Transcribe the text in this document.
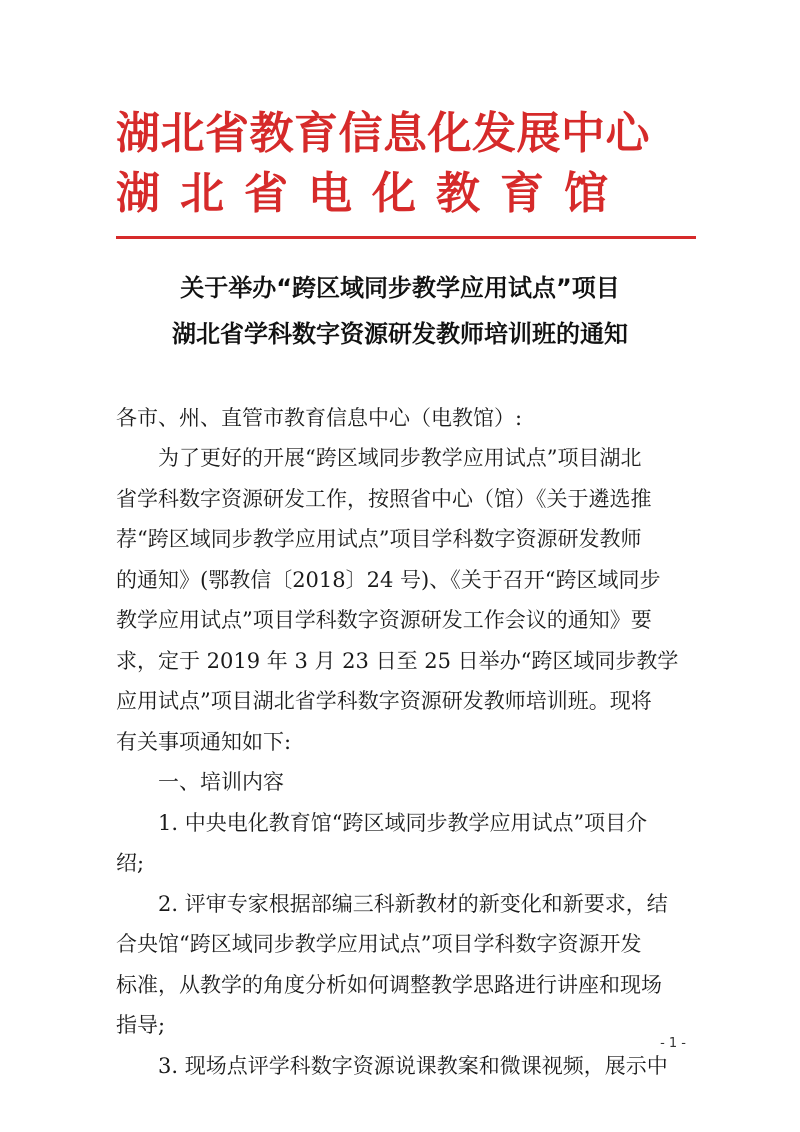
湖北省教育信息化发展中心
湖北省电化教育馆
关于举办“跨区域同步教学应用试点”项目
湖北省学科数字资源研发教师培训班的通知
各市、州、直管市教育信息中心（电教馆）:
为了更好的开展“跨区域同步教学应用试点”项目湖北
省学科数字资源研发工作，按照省中心（馆）《关于遴选推
荐“跨区域同步教学应用试点”项目学科数字资源研发教师
的通知》(鄂教信〔2018〕24 号)、《关于召开“跨区域同步
教学应用试点”项目学科数字资源研发工作会议的通知》要
求，定于 2019 年 3 月 23 日至 25 日举办“跨区域同步教学
应用试点”项目湖北省学科数字资源研发教师培训班。现将
有关事项通知如下:
一、培训内容
1. 中央电化教育馆“跨区域同步教学应用试点”项目介
绍;
2. 评审专家根据部编三科新教材的新变化和新要求，结
合央馆“跨区域同步教学应用试点”项目学科数字资源开发
标准，从教学的角度分析如何调整教学思路进行讲座和现场
指导;
3. 现场点评学科数字资源说课教案和微课视频，展示中
- 1 -
